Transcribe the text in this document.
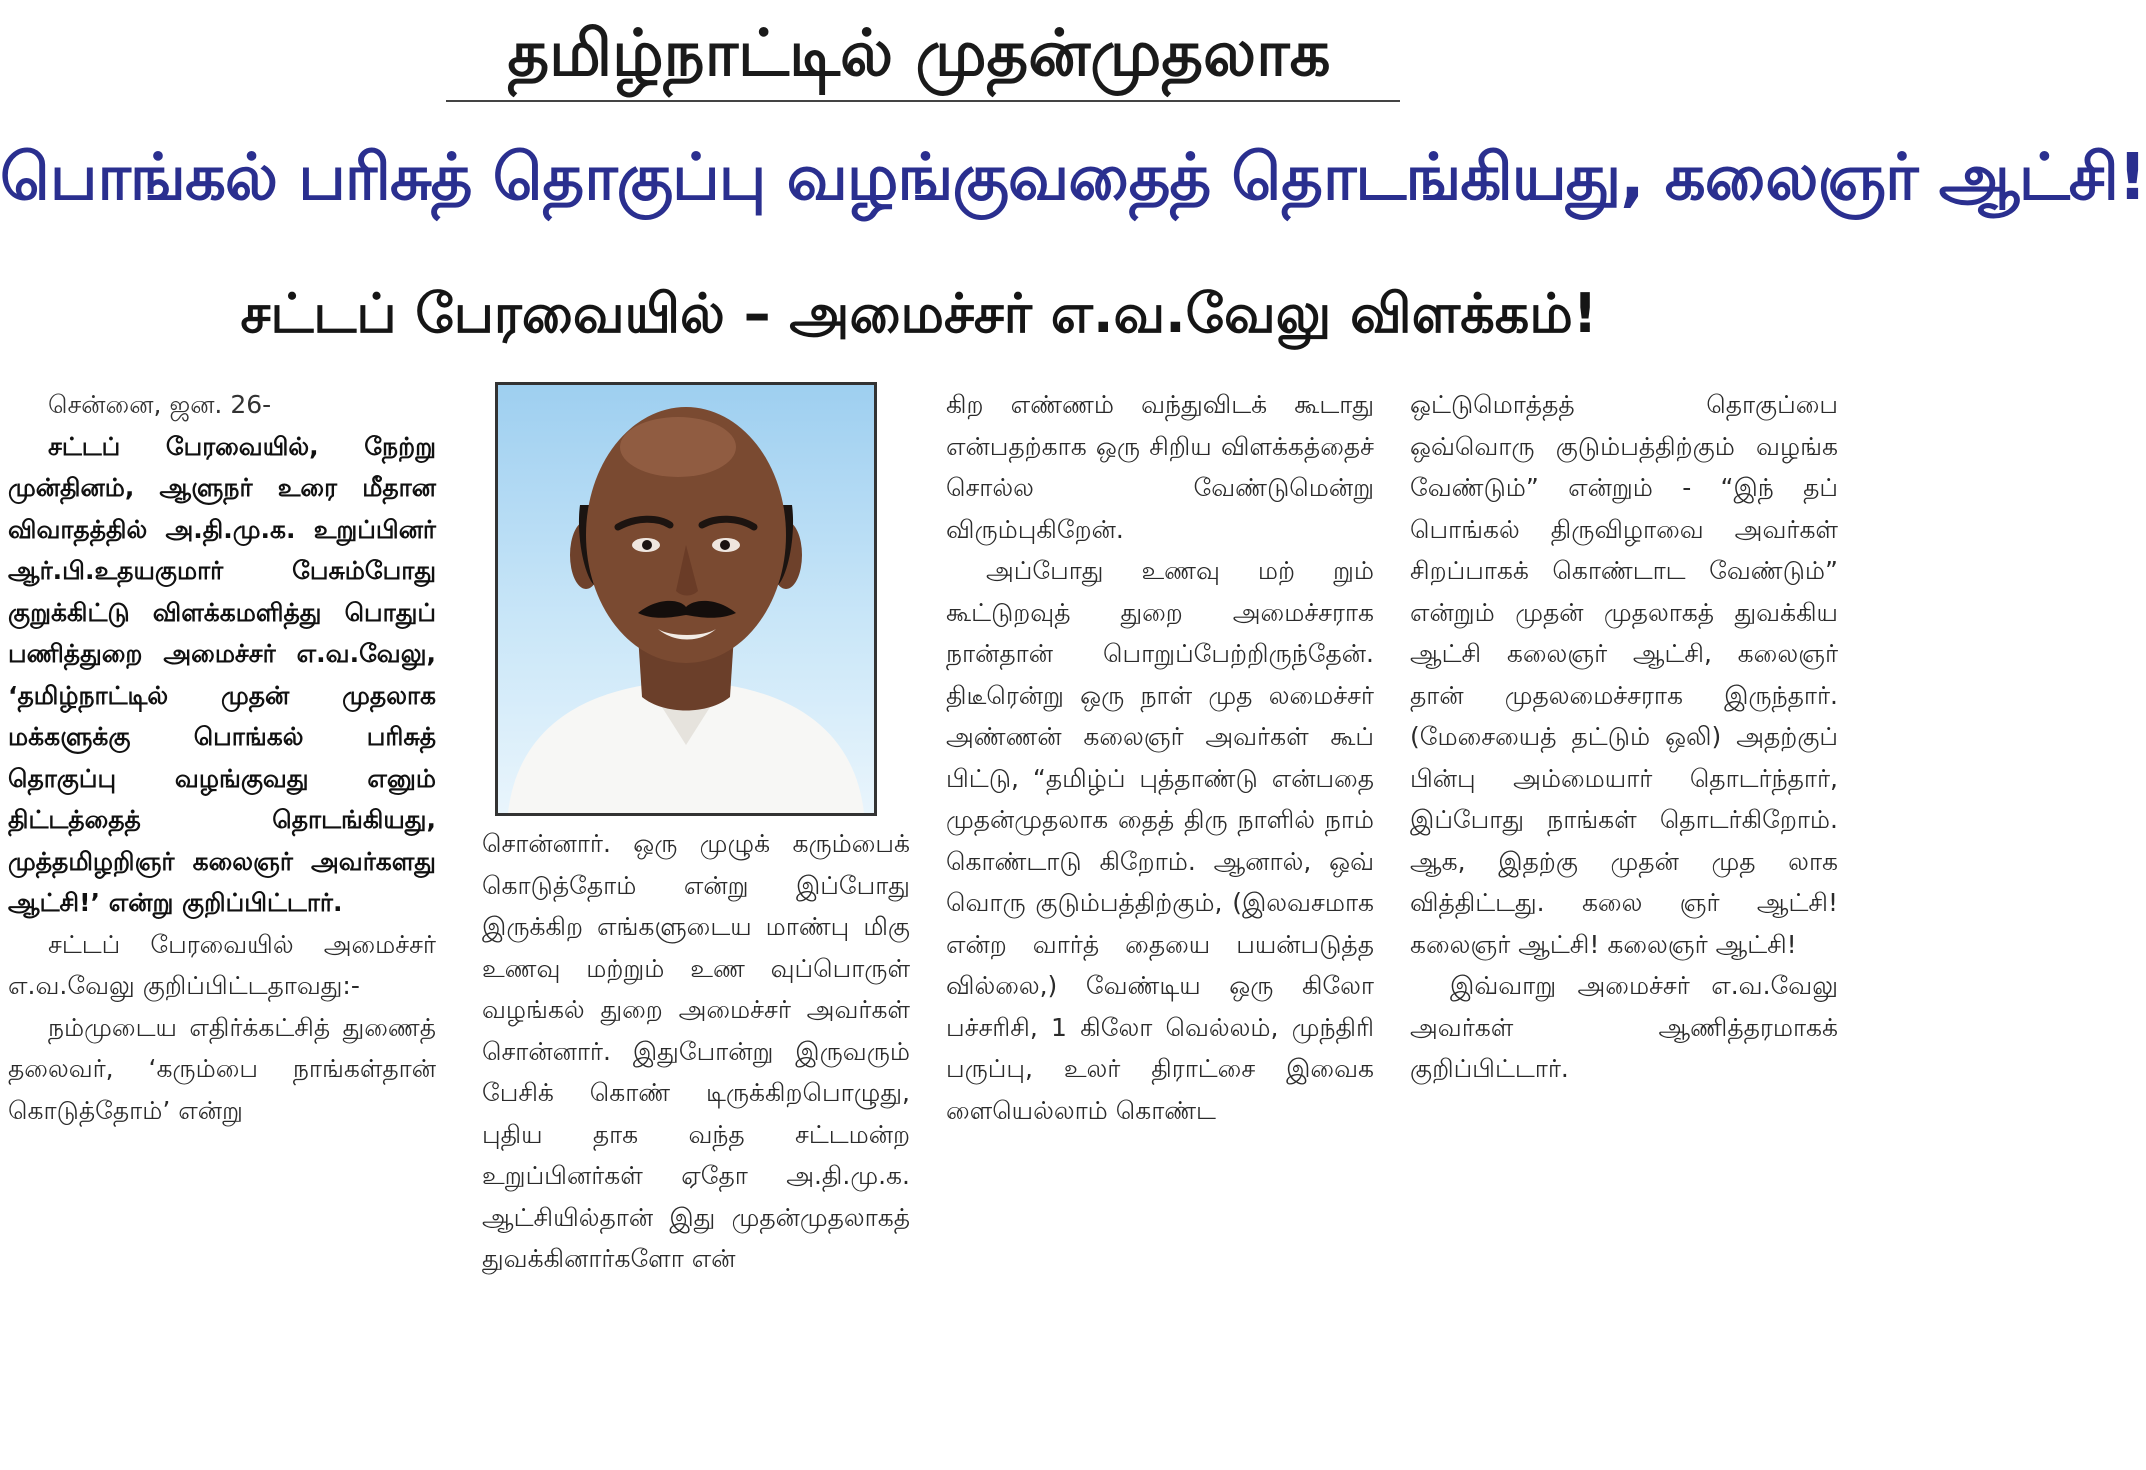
தமிழ்நாட்டில் முதன்முதலாக
பொங்கல் பரிசுத் தொகுப்பு வழங்குவதைத் தொடங்கியது, கலைஞர் ஆட்சி!
சட்டப் பேரவையில் – அமைச்சர் எ.வ.வேலு விளக்கம்!

சென்னை, ஜன. 26-

சட்டப் பேரவையில், நேற்று முன்தினம், ஆளுநர் உரை மீதான விவாதத்தில் அ.தி.மு.க. உறுப்பினர் ஆர்.பி.உதயகுமார் பேசும்போது குறுக்கிட்டு விளக்கமளித்து பொதுப் பணித்துறை அமைச்சர் எ.வ.வேலு, ‘தமிழ்நாட்டில் முதன் முதலாக மக்களுக்கு பொங்கல் பரிசுத் தொகுப்பு வழங்குவது எனும் திட்டத்தைத் தொடங்கியது, முத்தமிழறிஞர் கலைஞர் அவர்களது ஆட்சி!’ என்று குறிப்பிட்டார்.

சட்டப் பேரவையில் அமைச்சர் எ.வ.வேலு குறிப்பிட்டதாவது:-

நம்முடைய எதிர்க்கட்சித் துணைத் தலைவர், ‘கரும்பை நாங்கள்தான் கொடுத்தோம்’ என்று

சொன்னார். ஒரு முழுக் கரும்பைக் கொடுத்தோம் என்று இப்போது இருக்கிற எங்களுடைய மாண்பு மிகு உணவு மற்றும் உண வுப்பொருள் வழங்கல் துறை அமைச்சர் அவர்கள் சொன்னார். இதுபோன்று இருவரும் பேசிக் கொண் டிருக்கிறபொழுது, புதிய தாக வந்த சட்டமன்ற உறுப்பினர்கள் ஏதோ அ.தி.மு.க. ஆட்சியில்தான் இது முதன்முதலாகத் துவக்கினார்களோ என்

கிற எண்ணம் வந்துவிடக் கூடாது என்பதற்காக ஒரு சிறிய விளக்கத்தைச் சொல்ல வேண்டுமென்று விரும்புகிறேன்.

அப்போது உணவு மற் றும் கூட்டுறவுத் துறை அமைச்சராக நான்தான் பொறுப்பேற்றிருந்தேன். திடீரென்று ஒரு நாள் முத லமைச்சர் அண்ணன் கலைஞர் அவர்கள் கூப் பிட்டு, “தமிழ்ப் புத்தாண்டு என்பதை முதன்முதலாக தைத் திரு நாளில் நாம் கொண்டாடு கிறோம். ஆனால், ஒவ் வொரு குடும்பத்திற்கும், (இலவசமாக என்ற வார்த் தையை பயன்படுத்த வில்லை,) வேண்டிய ஒரு கிலோ பச்சரிசி, 1 கிலோ வெல்லம், முந்திரி பருப்பு, உலர் திராட்சை இவைக ளையெல்லாம் கொண்ட

ஒட்டுமொத்தத் தொகுப்பை ஒவ்வொரு குடும்பத்திற்கும் வழங்க வேண்டும்” என்றும் - “இந் தப் பொங்கல் திருவிழாவை அவர்கள் சிறப்பாகக் கொண்டாட வேண்டும்” என்றும் முதன் முதலாகத் துவக்கிய ஆட்சி கலைஞர் ஆட்சி, கலைஞர் தான் முதலமைச்சராக இருந்தார். (மேசையைத் தட்டும் ஒலி) அதற்குப் பின்பு அம்மையார் தொடர்ந்தார், இப்போது நாங்கள் தொடர்கிறோம். ஆக, இதற்கு முதன் முத லாக வித்திட்டது. கலை ஞர் ஆட்சி! கலைஞர் ஆட்சி! கலைஞர் ஆட்சி!

இவ்வாறு அமைச்சர் எ.வ.வேலு அவர்கள் ஆணித்தரமாகக் குறிப்பிட்டார்.
